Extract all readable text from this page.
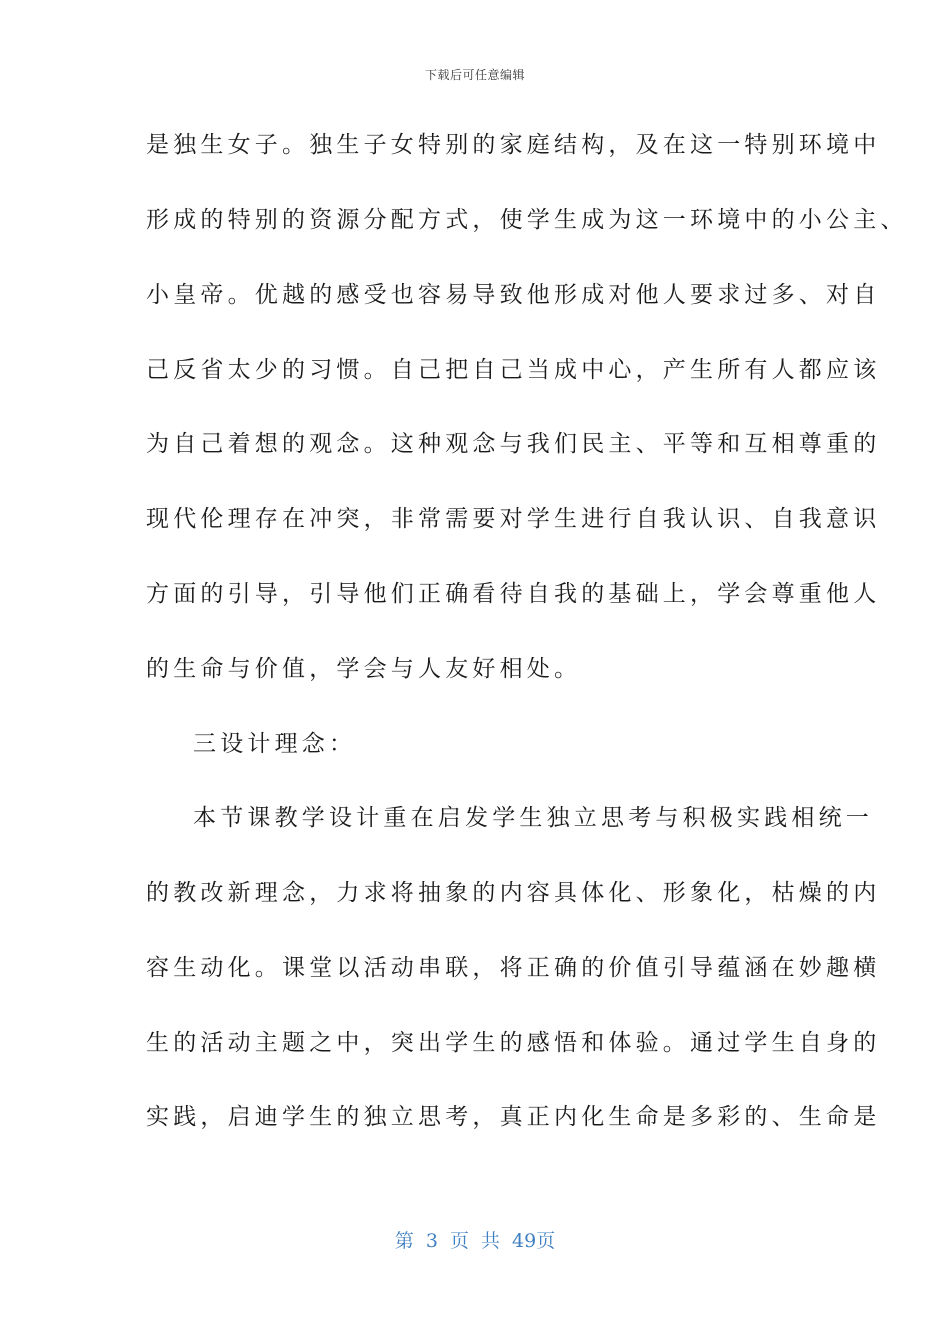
下载后可任意编辑
是独生女子。独生子女特别的家庭结构，及在这一特别环境中
形成的特别的资源分配方式，使学生成为这一环境中的小公主、
小皇帝。优越的感受也容易导致他形成对他人要求过多、对自
己反省太少的习惯。自己把自己当成中心，产生所有人都应该
为自己着想的观念。这种观念与我们民主、平等和互相尊重的
现代伦理存在冲突，非常需要对学生进行自我认识、自我意识
方面的引导，引导他们正确看待自我的基础上，学会尊重他人
的生命与价值，学会与人友好相处。
三设计理念：
本节课教学设计重在启发学生独立思考与积极实践相统一
的教改新理念，力求将抽象的内容具体化、形象化，枯燥的内
容生动化。课堂以活动串联，将正确的价值引导蕴涵在妙趣横
生的活动主题之中，突出学生的感悟和体验。通过学生自身的
实践，启迪学生的独立思考，真正内化生命是多彩的、生命是
第 3 页 共 49页
